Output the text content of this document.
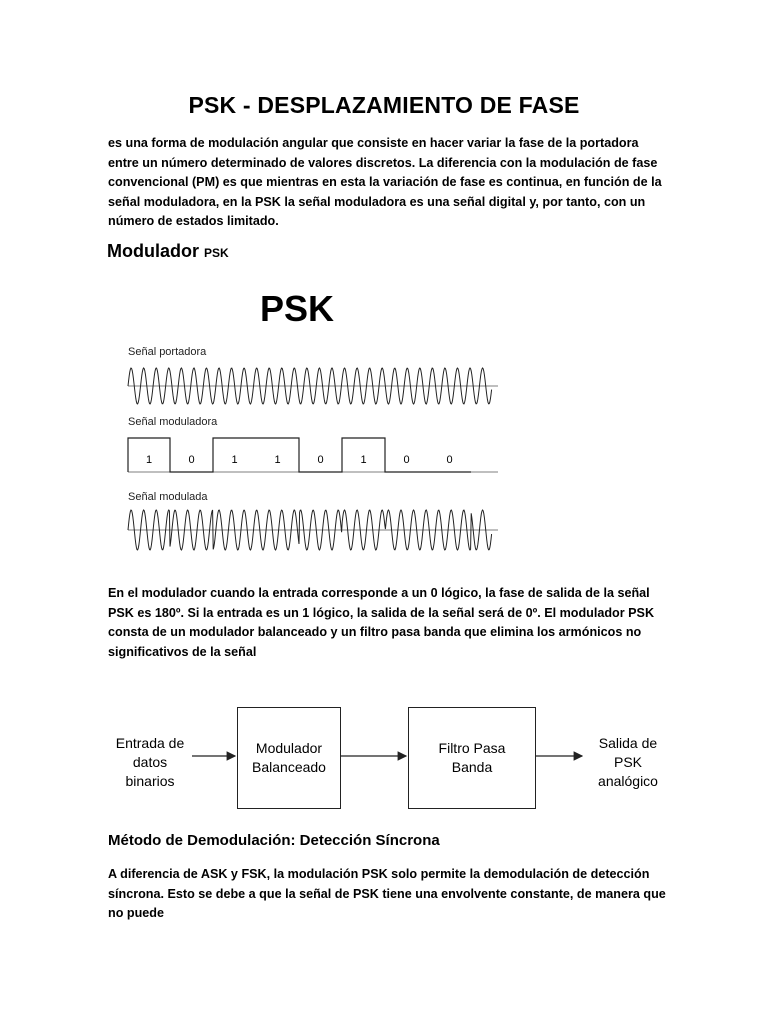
PSK - DESPLAZAMIENTO DE FASE

es una forma de modulación angular que consiste en hacer variar la fase de la portadora entre un número determinado de valores discretos. La diferencia con la modulación de fase convencional (PM) es que mientras en esta la variación de fase es continua, en función de la señal moduladora, en la PSK la señal moduladora es una señal digital y, por tanto, con un número de estados limitado.

Modulador PSK
PSK
Señal portadora
Señal moduladora
Señal modulada
1	0	1	1	0	1	0	0

En el modulador cuando la entrada corresponde a un 0 lógico, la fase de salida de la señal PSK es 180º. Si la entrada es un 1 lógico, la salida de la señal será de 0º. El modulador PSK consta de un modulador balanceado y un filtro pasa banda que elimina los armónicos no significativos de la señal

Entrada de
datos
binarios
Modulador
Balanceado
Filtro Pasa
Banda
Salida de
PSK
analógico
Método de Demodulación: Detección Síncrona

A diferencia de ASK y FSK, la modulación PSK solo permite la demodulación de detección síncrona. Esto se debe a que la señal de PSK tiene una envolvente constante, de manera que no puede
